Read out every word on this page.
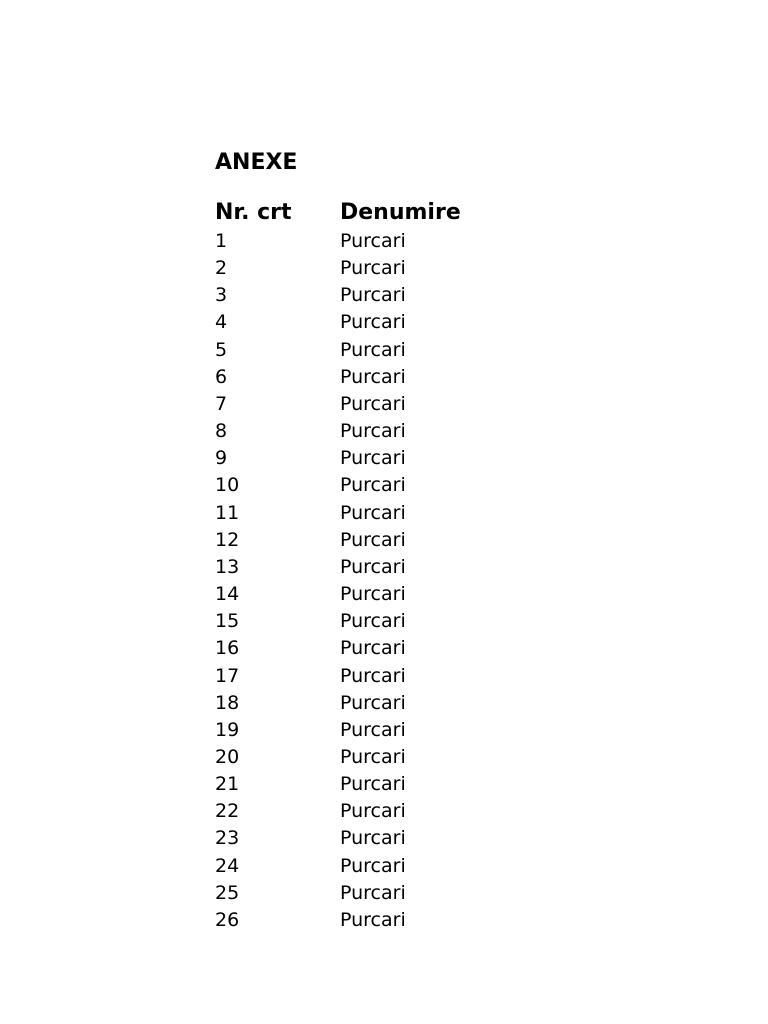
ANEXE
Nr. crt	Denumire
1	Purcari
2	Purcari
3	Purcari
4	Purcari
5	Purcari
6	Purcari
7	Purcari
8	Purcari
9	Purcari
10	Purcari
11	Purcari
12	Purcari
13	Purcari
14	Purcari
15	Purcari
16	Purcari
17	Purcari
18	Purcari
19	Purcari
20	Purcari
21	Purcari
22	Purcari
23	Purcari
24	Purcari
25	Purcari
26	Purcari
